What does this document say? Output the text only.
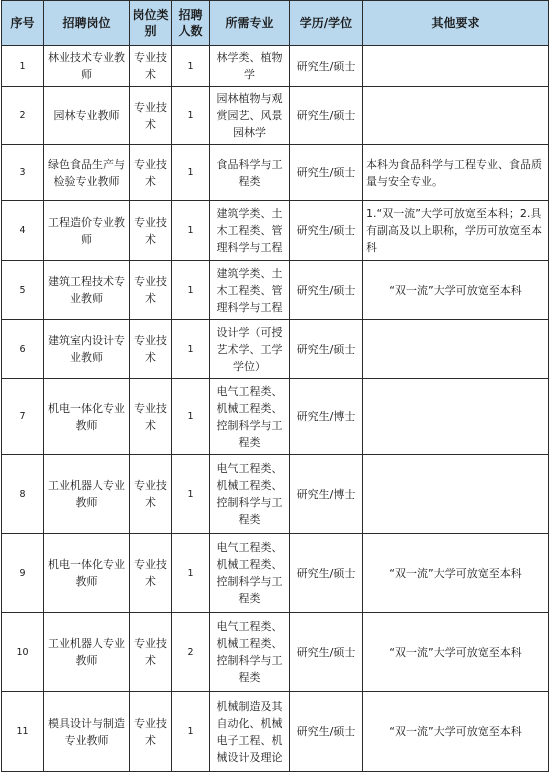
序号	招聘岗位	岗位类别	招聘人数	所需专业	学历/学位	其他要求
1	林业技术专业教师	专业技术	1	林学类、植物学	研究生/硕士	
2	园林专业教师	专业技术	1	园林植物与观赏园艺、风景园林学	研究生/硕士	
3	绿色食品生产与检验专业教师	专业技术	1	食品科学与工程类	研究生/硕士	本科为食品科学与工程专业、食品质量与安全专业。
4	工程造价专业教师	专业技术	1	建筑学类、土木工程类、管理科学与工程	研究生/硕士	1.“双一流”大学可放宽至本科；2.具有副高及以上职称，学历可放宽至本科
5	建筑工程技术专业教师	专业技术	1	建筑学类、土木工程类、管理科学与工程	研究生/硕士	“双一流”大学可放宽至本科
6	建筑室内设计专业教师	专业技术	1	设计学（可授艺术学、工学学位）	研究生/硕士	
7	机电一体化专业教师	专业技术	1	电气工程类、机械工程类、控制科学与工程类	研究生/博士	
8	工业机器人专业教师	专业技术	1	电气工程类、机械工程类、控制科学与工程类	研究生/博士	
9	机电一体化专业教师	专业技术	1	电气工程类、机械工程类、控制科学与工程类	研究生/硕士	“双一流”大学可放宽至本科
10	工业机器人专业教师	专业技术	2	电气工程类、机械工程类、控制科学与工程类	研究生/硕士	“双一流”大学可放宽至本科
11	模具设计与制造专业教师	专业技术	1	机械制造及其自动化、机械电子工程、机械设计及理论	研究生/硕士	“双一流”大学可放宽至本科
